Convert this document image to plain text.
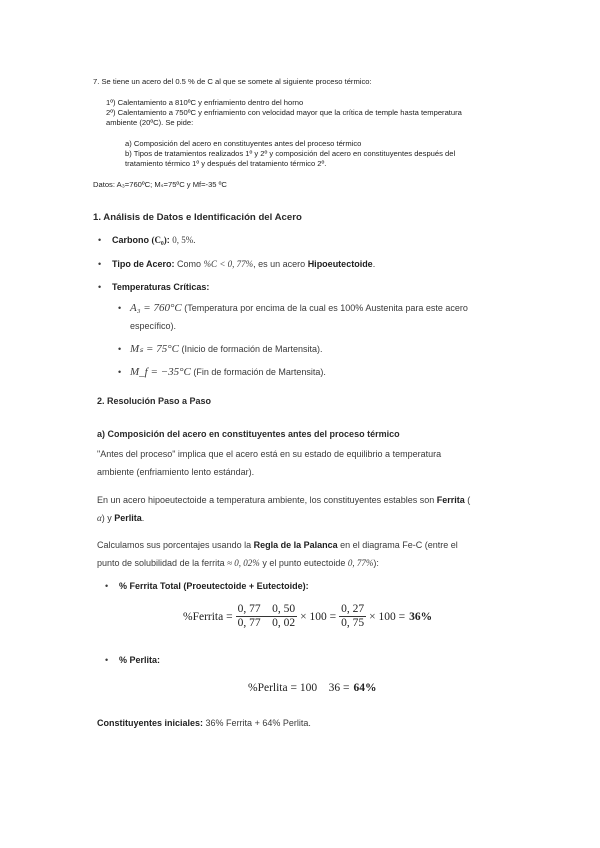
7. Se tiene un acero del 0.5 % de C al que se somete al siguiente proceso térmico:
1º) Calentamiento a 810ºC y enfriamiento dentro del horno
2º) Calentamiento a 750ºC y enfriamiento con velocidad mayor que la crítica de temple hasta temperatura
ambiente (20ºC). Se pide:
a) Composición del acero en constituyentes antes del proceso térmico
b) Tipos de tratamientos realizados 1º y 2º y composición del acero en constituyentes después del
tratamiento térmico 1º y después del tratamiento térmico 2º.
Datos: A₃=760ºC; Mₛ=75ºC y Mf=-35 ºC
1. Análisis de Datos e Identificación del Acero
• Carbono (C₀): 0, 5%.
• Tipo de Acero: Como %C < 0, 77%, es un acero Hipoeutectoide.
• Temperaturas Críticas:
• A₃ = 760°C (Temperatura por encima de la cual es 100% Austenita para este acero
específico).
• Mₛ = 75°C (Inicio de formación de Martensita).
• M_f = −35°C (Fin de formación de Martensita).
2. Resolución Paso a Paso
a) Composición del acero en constituyentes antes del proceso térmico
"Antes del proceso" implica que el acero está en su estado de equilibrio a temperatura
ambiente (enfriamiento lento estándar).
En un acero hipoeutectoide a temperatura ambiente, los constituyentes estables son Ferrita (
α) y Perlita.
Calculamos sus porcentajes usando la Regla de la Palanca en el diagrama Fe-C (entre el
punto de solubilidad de la ferrita ≈ 0, 02% y el punto eutectoide 0, 77%):
• % Ferrita Total (Proeutectoide + Eutectoide):
%Ferrita = $\frac{0, 77 0, 50}{0, 77 0, 02} \times 100 = \frac{0, 27}{0, 75} \times 100 = 36\%$
• % Perlita:
%Perlita = 100    36 = 64%
Constituyentes iniciales: 36% Ferrita + 64% Perlita.
